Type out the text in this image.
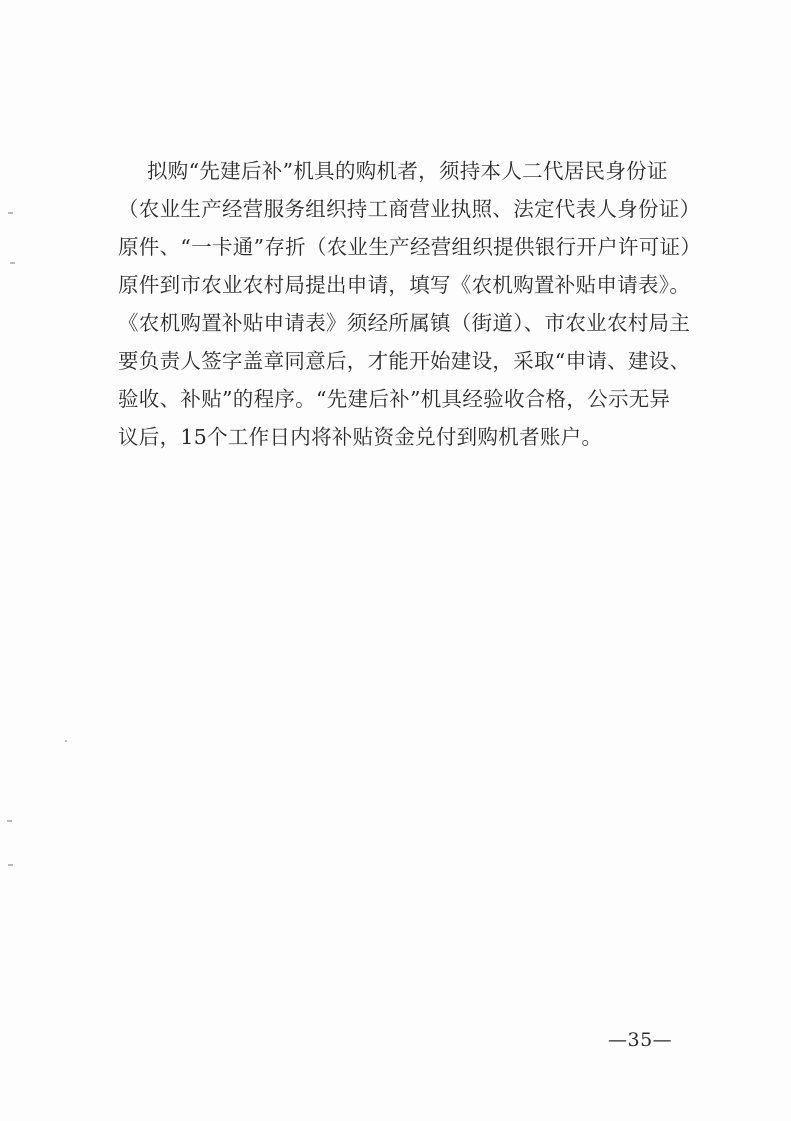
拟购“先建后补”机具的购机者，须持本人二代居民身份证
（农业生产经营服务组织持工商营业执照、法定代表人身份证）
原件、“一卡通”存折（农业生产经营组织提供银行开户许可证）
原件到市农业农村局提出申请，填写《农机购置补贴申请表》。
《农机购置补贴申请表》须经所属镇（街道）、市农业农村局主
要负责人签字盖章同意后，才能开始建设，采取“申请、建设、
验收、补贴”的程序。“先建后补”机具经验收合格，公示无异
议后，15个工作日内将补贴资金兑付到购机者账户。

—35—
